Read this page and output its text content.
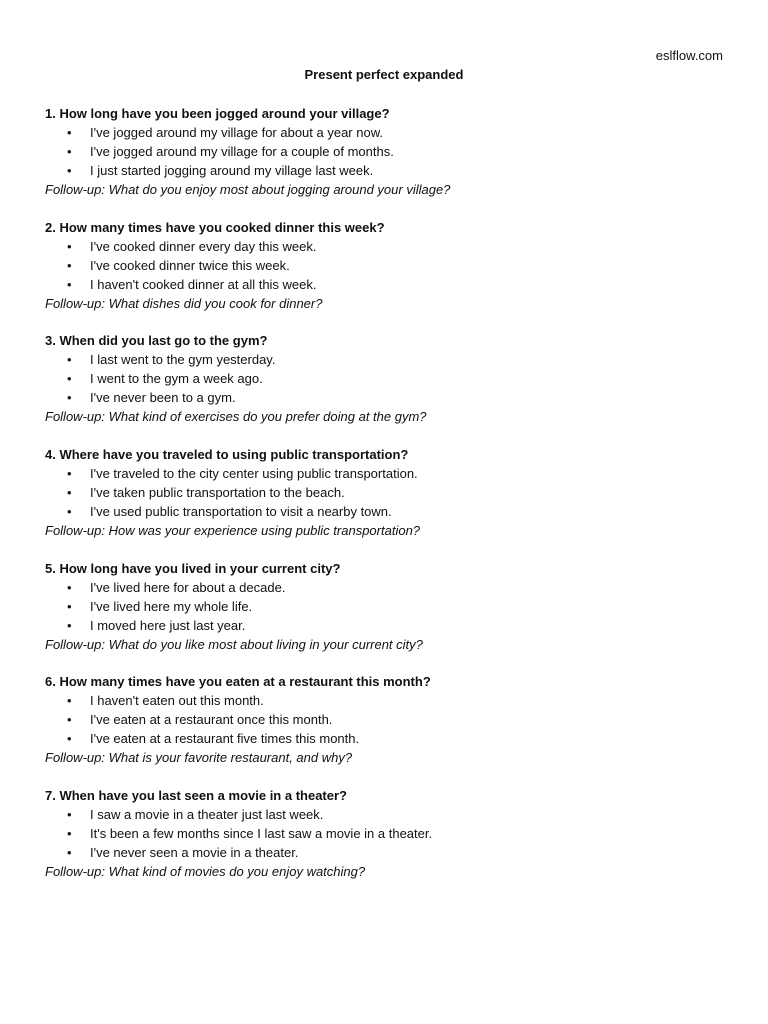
eslflow.com
Present perfect expanded
1. How long have you been jogged around your village?
• I've jogged around my village for about a year now.
• I've jogged around my village for a couple of months.
• I just started jogging around my village last week.
Follow-up: What do you enjoy most about jogging around your village?
2. How many times have you cooked dinner this week?
• I've cooked dinner every day this week.
• I've cooked dinner twice this week.
• I haven't cooked dinner at all this week.
Follow-up: What dishes did you cook for dinner?
3. When did you last go to the gym?
• I last went to the gym yesterday.
• I went to the gym a week ago.
• I've never been to a gym.
Follow-up: What kind of exercises do you prefer doing at the gym?
4. Where have you traveled to using public transportation?
• I've traveled to the city center using public transportation.
• I've taken public transportation to the beach.
• I've used public transportation to visit a nearby town.
Follow-up: How was your experience using public transportation?
5. How long have you lived in your current city?
• I've lived here for about a decade.
• I've lived here my whole life.
• I moved here just last year.
Follow-up: What do you like most about living in your current city?
6. How many times have you eaten at a restaurant this month?
• I haven't eaten out this month.
• I've eaten at a restaurant once this month.
• I've eaten at a restaurant five times this month.
Follow-up: What is your favorite restaurant, and why?
7. When have you last seen a movie in a theater?
• I saw a movie in a theater just last week.
• It's been a few months since I last saw a movie in a theater.
• I've never seen a movie in a theater.
Follow-up: What kind of movies do you enjoy watching?
